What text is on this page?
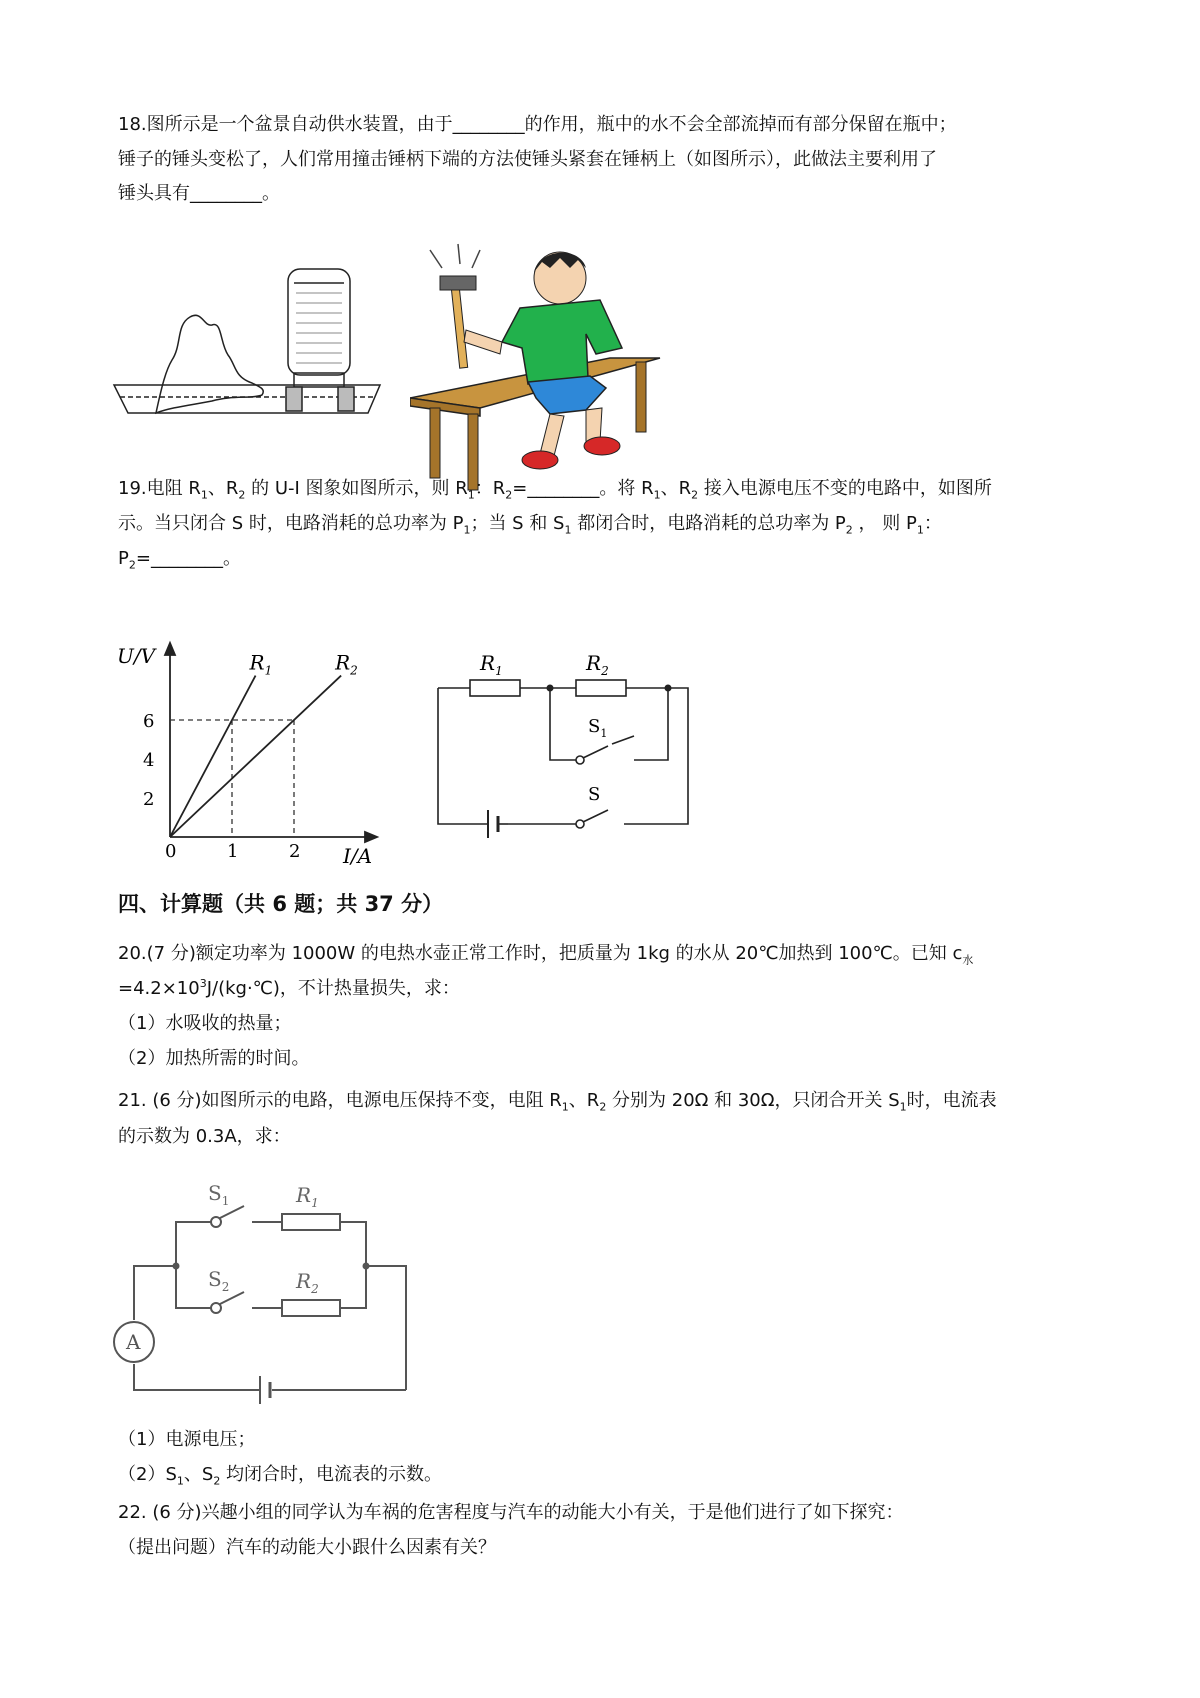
18.图所示是一个盆景自动供水装置，由于________的作用，瓶中的水不会全部流掉而有部分保留在瓶中；
锤子的锤头变松了，人们常用撞击锤柄下端的方法使锤头紧套在锤柄上（如图所示），此做法主要利用了
锤头具有________。
19.电阻 $R_1$、$R_2$ 的 U-I 图象如图所示，则 $R_1$：$R_2=\_\_\_\_\_\_\_\_$。将 $R_1$、$R_2$ 接入电源电压不变的电路中，如图所
示。当只闭合 S 时，电路消耗的总功率为 $P_1$；当 S 和 $S_1$ 都闭合时，电路消耗的总功率为 $P_2$ ， 则 $P_1$：
$P_2=\_\_\_\_\_\_\_\_$。
U/V
I/A
0
2
4
6
1	2
$R_1$	$R_2$	$R_1$	$R_2$
$S_1$
S
四、计算题（共 6 题；共 37 分）
20.(7 分)额定功率为 1000W 的电热水壶正常工作时，把质量为 1kg 的水从 20℃加热到 100℃。已知 $c_水$
$=4.2\times 10^3J/(kg\cdot℃)$，不计热量损失，求：
（1）水吸收的热量；
（2）加热所需的时间。
21. (6 分)如图所示的电路，电源电压保持不变，电阻 $R_1$、$R_2$ 分别为 20Ω 和 30Ω，只闭合开关 $S_1$时，电流表
的示数为 0.3A，求：
A
$S_1$
$S_2$
$R_1$
$R_2$
（1）电源电压；
$(2)S_1$、$S_2$ 均闭合时，电流表的示数。
22. (6 分)兴趣小组的同学认为车祸的危害程度与汽车的动能大小有关，于是他们进行了如下探究：
（提出问题）汽车的动能大小跟什么因素有关？
